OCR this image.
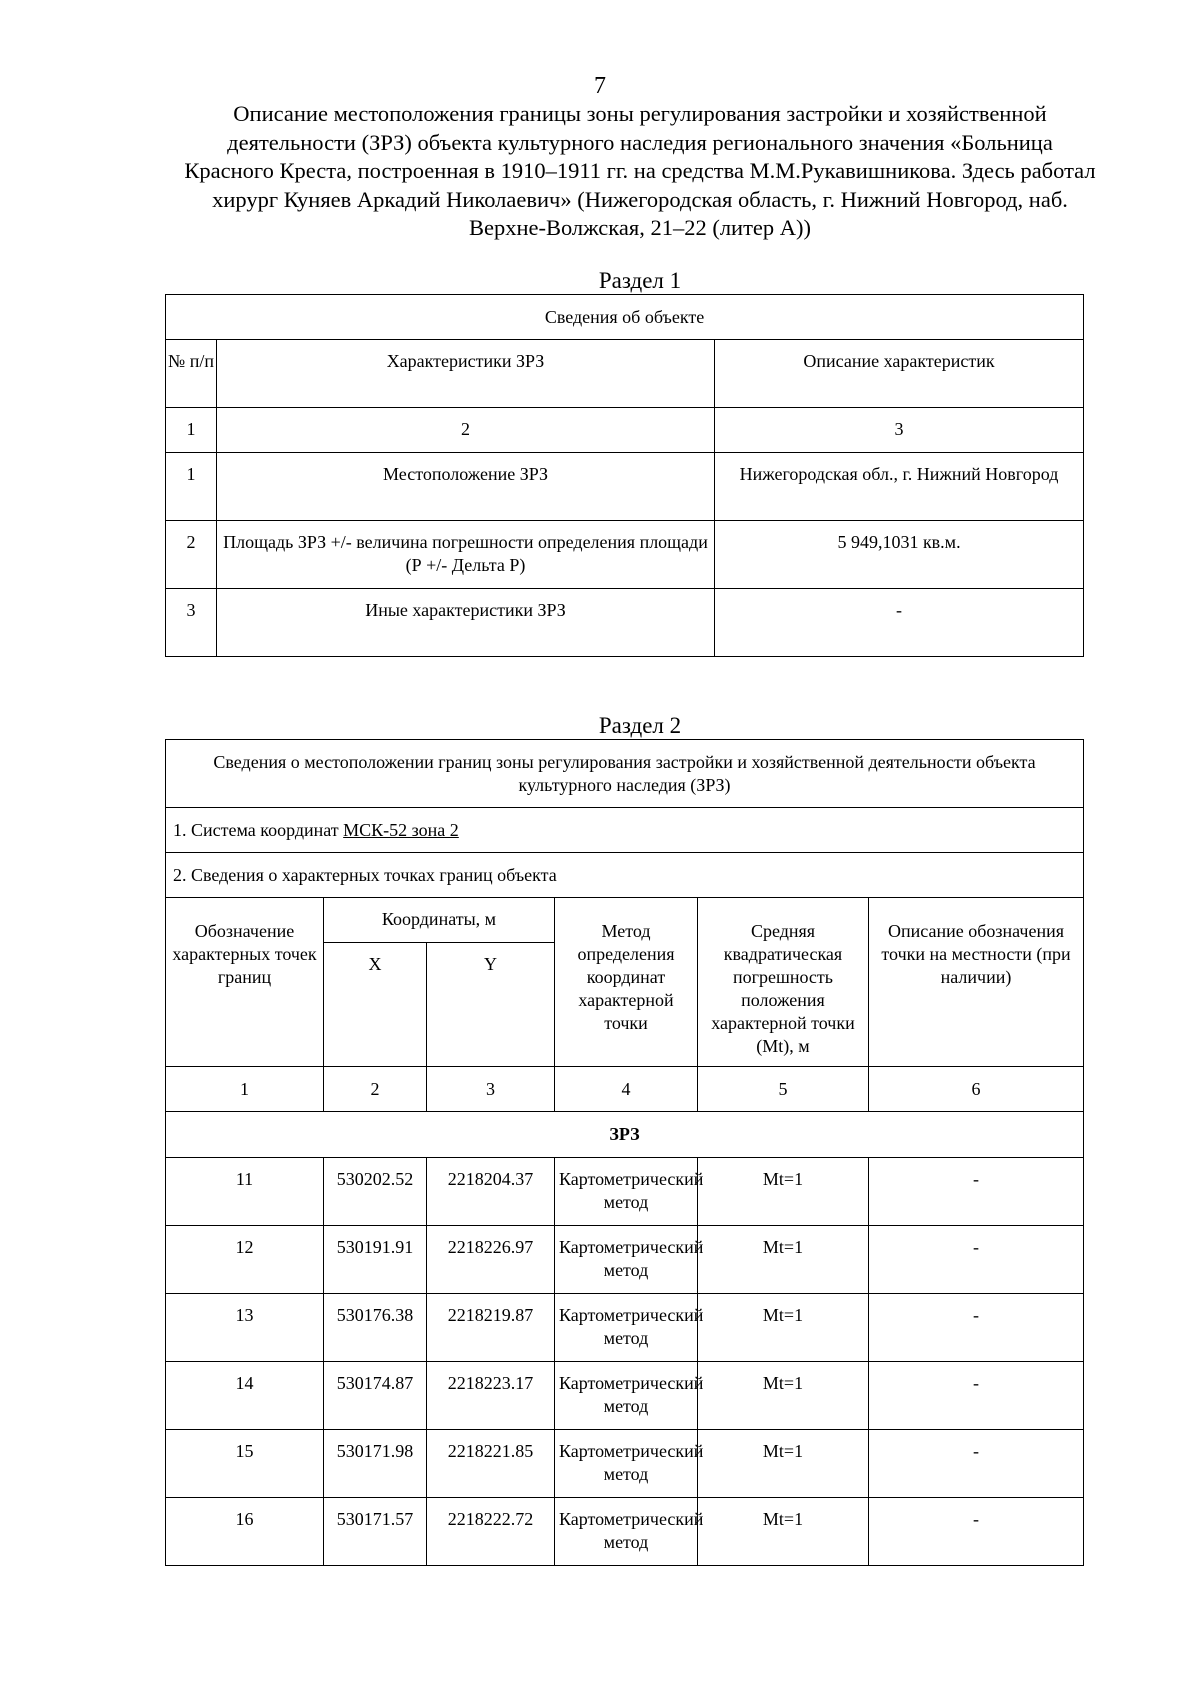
7
Описание местоположения границы зоны регулирования застройки и хозяйственной деятельности (ЗРЗ) объекта культурного наследия регионального значения «Больница Красного Креста, построенная в 1910–1911 гг. на средства М.М.Рукавишникова. Здесь работал хирург Куняев Аркадий Николаевич» (Нижегородская область, г. Нижний Новгород, наб. Верхне-Волжская, 21–22 (литер А))
Раздел 1
Сведения об объекте		
№ п/п	Характеристики ЗРЗ	Описание характеристик
1	2	3
1	Местоположение ЗРЗ	Нижегородская обл., г. Нижний Новгород
2	Площадь ЗРЗ +/- величина погрешности определения площади (Р +/- Дельта Р)	5 949,1031 кв.м.
3	Иные характеристики ЗРЗ	-
Раздел 2
Сведения о местоположении границ зоны регулирования застройки и хозяйственной деятельности объекта культурного наследия (ЗРЗ)					
1. Система координат МСК-52 зона 2					
2. Сведения о характерных точках границ объекта					
Обозначение характерных точек границ	Координаты, м		Метод определения координат характерной точки	Средняя квадратическая погрешность положения характерной точки (Mt), м	Описание обозначения точки на местности (при наличии)
	X	Y			
1	2	3	4	5	6
ЗРЗ					
11	530202.52	2218204.37	Картометрический метод	Mt=1	-
12	530191.91	2218226.97	Картометрический метод	Mt=1	-
13	530176.38	2218219.87	Картометрический метод	Mt=1	-
14	530174.87	2218223.17	Картометрический метод	Mt=1	-
15	530171.98	2218221.85	Картометрический метод	Mt=1	-
16	530171.57	2218222.72	Картометрический метод	Mt=1	-
